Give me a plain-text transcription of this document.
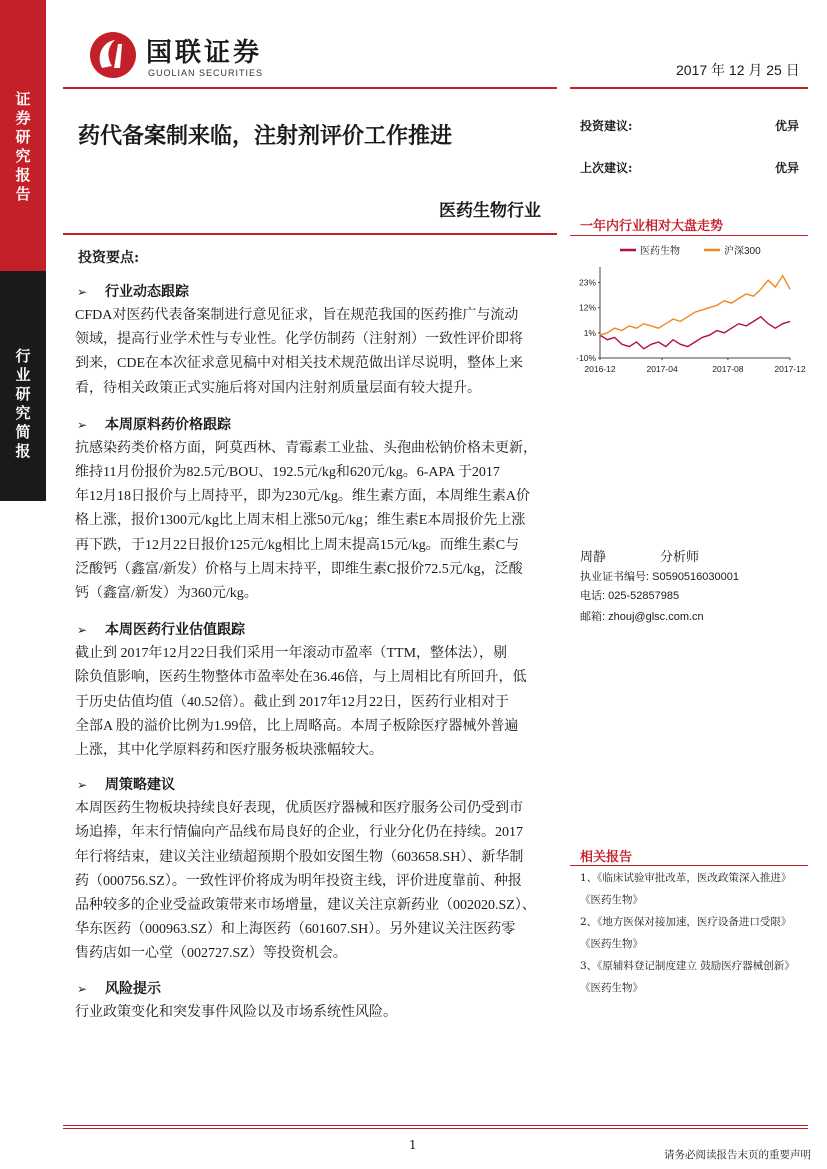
证
券
研
究
报
告
行
业
研
究
简
报
国联证券
GUOLIAN SECURITIES	2017 年 12 月 25 日
药代备案制来临，注射剂评价工作推进
医药生物行业
投资建议:	优异
上次建议:	优异
一年内行业相对大盘走势
医药生物	沪深300
23%
12%
1%
-10%
2016-12	2017-04	2017-08	2017-12
投资要点:
➢ 行业动态跟踪
CFDA对医药代表备案制进行意见征求，旨在规范我国的医药推广与流动
领域，提高行业学术性与专业性。化学仿制药（注射剂）一致性评价即将
到来，CDE在本次征求意见稿中对相关技术规范做出详尽说明，整体上来
看，待相关政策正式实施后将对国内注射剂质量层面有较大提升。
➢ 本周原料药价格跟踪
抗感染药类价格方面，阿莫西林、青霉素工业盐、头孢曲松钠价格未更新，
维持11月份报价为82.5元/BOU、192.5元/kg和620元/kg。6-APA 于2017
年12月18日报价与上周持平，即为230元/kg。维生素方面，本周维生素A价
格上涨，报价1300元/kg比上周末相上涨50元/kg；维生素E本周报价先上涨
再下跌，于12月22日报价125元/kg相比上周末提高15元/kg。而维生素C与
泛酸钙（鑫富/新发）价格与上周末持平，即维生素C报价72.5元/kg，泛酸
钙（鑫富/新发）为360元/kg。
➢ 本周医药行业估值跟踪
截止到 2017年12月22日我们采用一年滚动市盈率（TTM，整体法），剔
除负值影响，医药生物整体市盈率处在36.46倍，与上周相比有所回升，低
于历史估值均值（40.52倍）。截止到 2017年12月22日，医药行业相对于
全部A 股的溢价比例为1.99倍，比上周略高。本周子板除医疗器械外普遍
上涨，其中化学原料药和医疗服务板块涨幅较大。
➢ 周策略建议
本周医药生物板块持续良好表现，优质医疗器械和医疗服务公司仍受到市
场追捧，年末行情偏向产品线布局良好的企业，行业分化仍在持续。2017
年行将结束，建议关注业绩超预期个股如安图生物（603658.SH）、新华制
药（000756.SZ）。一致性评价将成为明年投资主线，评价进度靠前、种报
品种较多的企业受益政策带来市场增量，建议关注京新药业（002020.SZ）、
华东医药（000963.SZ）和上海医药（601607.SH）。另外建议关注医药零
售药店如一心堂（002727.SZ）等投资机会。
➢ 风险提示
行业政策变化和突发事件风险以及市场系统性风险。
周静	分析师
执业证书编号: S0590516030001
电话: 025-52857985
邮箱: zhouj@glsc.com.cn
相关报告
1、《临床试验审批改革，医改政策深入推进》
《医药生物》
2、《地方医保对接加速，医疗设备进口受限》
《医药生物》
3、《原辅料登记制度建立 鼓励医疗器械创新》
《医药生物》
1
请务必阅读报告末页的重要声明
